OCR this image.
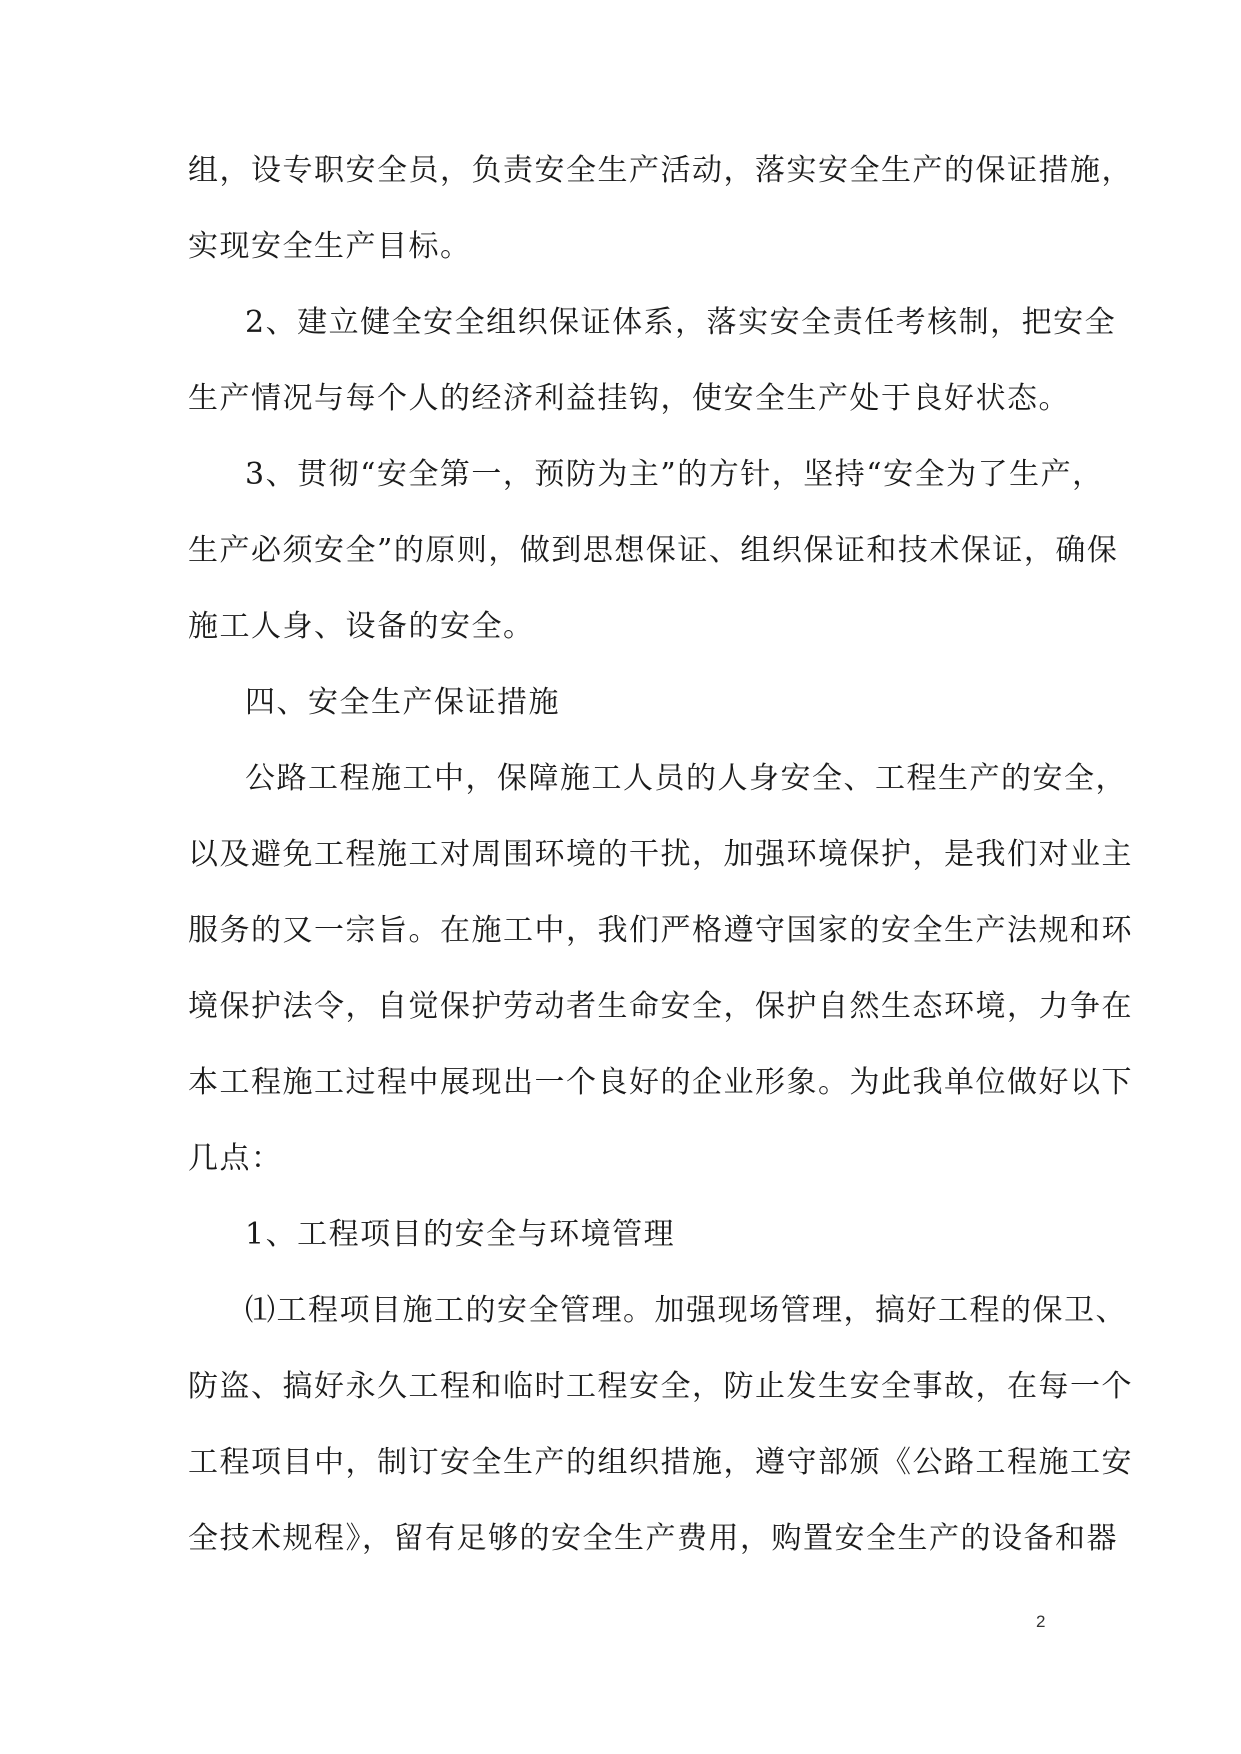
组，设专职安全员，负责安全生产活动，落实安全生产的保证措施，
实现安全生产目标。
2、建立健全安全组织保证体系，落实安全责任考核制，把安全
生产情况与每个人的经济利益挂钩，使安全生产处于良好状态。
3、贯彻“安全第一，预防为主”的方针，坚持“安全为了生产，
生产必须安全”的原则，做到思想保证、组织保证和技术保证，确保
施工人身、设备的安全。
四、安全生产保证措施
公路工程施工中，保障施工人员的人身安全、工程生产的安全，
以及避免工程施工对周围环境的干扰，加强环境保护，是我们对业主
服务的又一宗旨。在施工中，我们严格遵守国家的安全生产法规和环
境保护法令，自觉保护劳动者生命安全，保护自然生态环境，力争在
本工程施工过程中展现出一个良好的企业形象。为此我单位做好以下
几点：
1、工程项目的安全与环境管理
⑴工程项目施工的安全管理。加强现场管理，搞好工程的保卫、
防盗、搞好永久工程和临时工程安全，防止发生安全事故，在每一个
工程项目中，制订安全生产的组织措施，遵守部颁《公路工程施工安
全技术规程》，留有足够的安全生产费用，购置安全生产的设备和器
2
